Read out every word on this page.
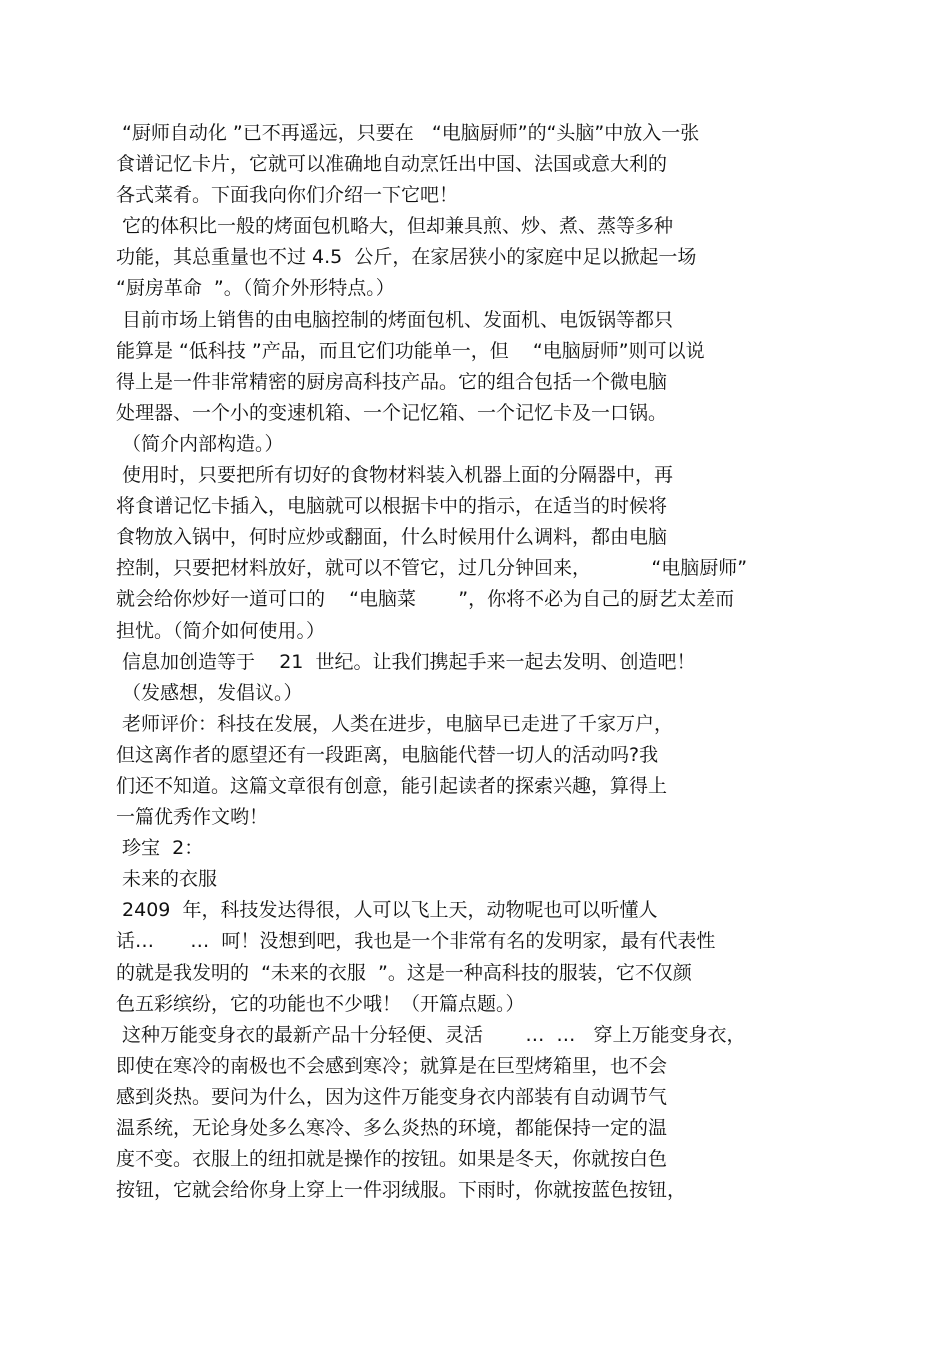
“厨师自动化 ”已不再遥远，只要在   “电脑厨师”的“头脑”中放入一张
食谱记忆卡片，它就可以准确地自动烹饪出中国、法国或意大利的
各式菜肴。下面我向你们介绍一下它吧！
它的体积比一般的烤面包机略大，但却兼具煎、炒、煮、蒸等多种
功能，其总重量也不过 4.5  公斤，在家居狭小的家庭中足以掀起一场
“厨房革命  ”。（简介外形特点。）
目前市场上销售的由电脑控制的烤面包机、发面机、电饭锅等都只
能算是 “低科技 ”产品，而且它们功能单一，但    “电脑厨师”则可以说
得上是一件非常精密的厨房高科技产品。它的组合包括一个微电脑
处理器、一个小的变速机箱、一个记忆箱、一个记忆卡及一口锅。
（简介内部构造。）
使用时，只要把所有切好的食物材料装入机器上面的分隔器中，再
将食谱记忆卡插入，电脑就可以根据卡中的指示，在适当的时候将
食物放入锅中，何时应炒或翻面，什么时候用什么调料，都由电脑
控制，只要把材料放好，就可以不管它，过几分钟回来，          “电脑厨师”
就会给你炒好一道可口的    “电脑菜       ”，你将不必为自己的厨艺太差而
担忧。（简介如何使用。）
信息加创造等于    21  世纪。让我们携起手来一起去发明、创造吧！
（发感想，发倡议。）
老师评价：科技在发展，人类在进步，电脑早已走进了千家万户，
但这离作者的愿望还有一段距离，电脑能代替一切人的活动吗?我
们还不知道。这篇文章很有创意，能引起读者的探索兴趣，算得上
一篇优秀作文哟！
珍宝  2：
未来的衣服
2409  年，科技发达得很，人可以飞上天，动物呢也可以听懂人
话…      …  呵！没想到吧，我也是一个非常有名的发明家，最有代表性
的就是我发明的  “未来的衣服  ”。这是一种高科技的服装，它不仅颜
色五彩缤纷，它的功能也不少哦！（开篇点题。）
这种万能变身衣的最新产品十分轻便、灵活       …  …   穿上万能变身衣，
即使在寒冷的南极也不会感到寒冷；就算是在巨型烤箱里，也不会
感到炎热。要问为什么，因为这件万能变身衣内部装有自动调节气
温系统，无论身处多么寒冷、多么炎热的环境，都能保持一定的温
度不变。衣服上的纽扣就是操作的按钮。如果是冬天，你就按白色
按钮，它就会给你身上穿上一件羽绒服。下雨时，你就按蓝色按钮，
